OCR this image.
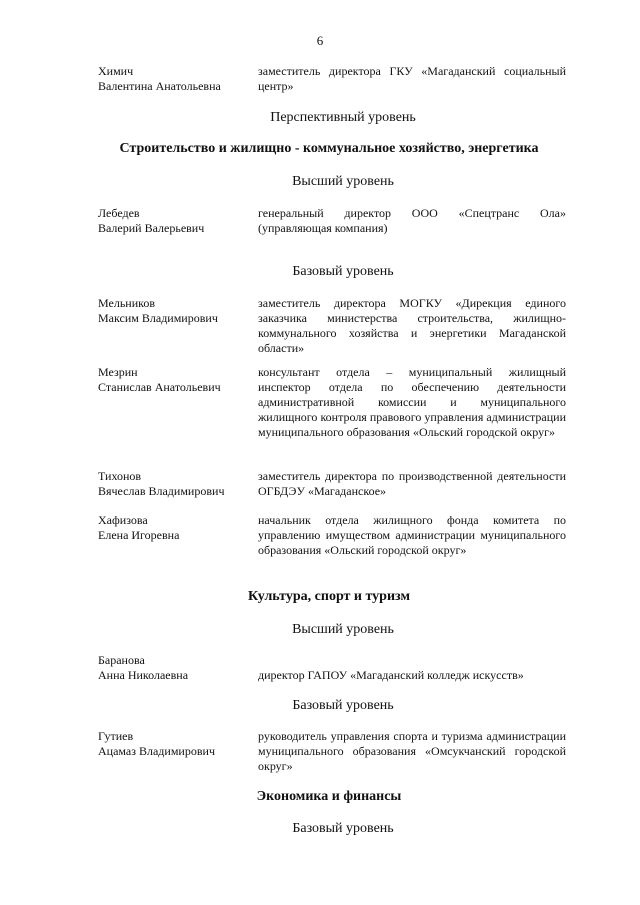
6
Химич
Валентина Анатольевна
заместитель директора ГКУ «Магаданский социальный центр»
Перспективный уровень
Строительство и жилищно - коммунальное хозяйство, энергетика
Высший уровень
Лебедев
Валерий Валерьевич
генеральный директор ООО «Спецтранс Ола» (управляющая компания)
Базовый уровень
Мельников
Максим Владимирович
заместитель директора МОГКУ «Дирекция единого заказчика министерства строительства, жилищно-коммунального хозяйства и энергетики Магаданской области»
Мезрин
Станислав Анатольевич
консультант отдела – муниципальный жилищный инспектор отдела по обеспечению деятельности административной комиссии и муниципального жилищного контроля правового управления администрации муниципального образования «Ольский городской округ»
Тихонов
Вячеслав Владимирович
заместитель директора по производственной деятельности ОГБДЭУ «Магаданское»
Хафизова
Елена Игоревна
начальник отдела жилищного фонда комитета по управлению имуществом администрации муниципального образования «Ольский городской округ»
Культура, спорт и туризм
Высший уровень
Баранова
Анна Николаевна	директор ГАПОУ «Магаданский колледж искусств»
Базовый уровень
Гутиев
Ацамаз Владимирович
руководитель управления спорта и туризма администрации муниципального образования «Омсукчанский городской округ»
Экономика и финансы
Базовый уровень
